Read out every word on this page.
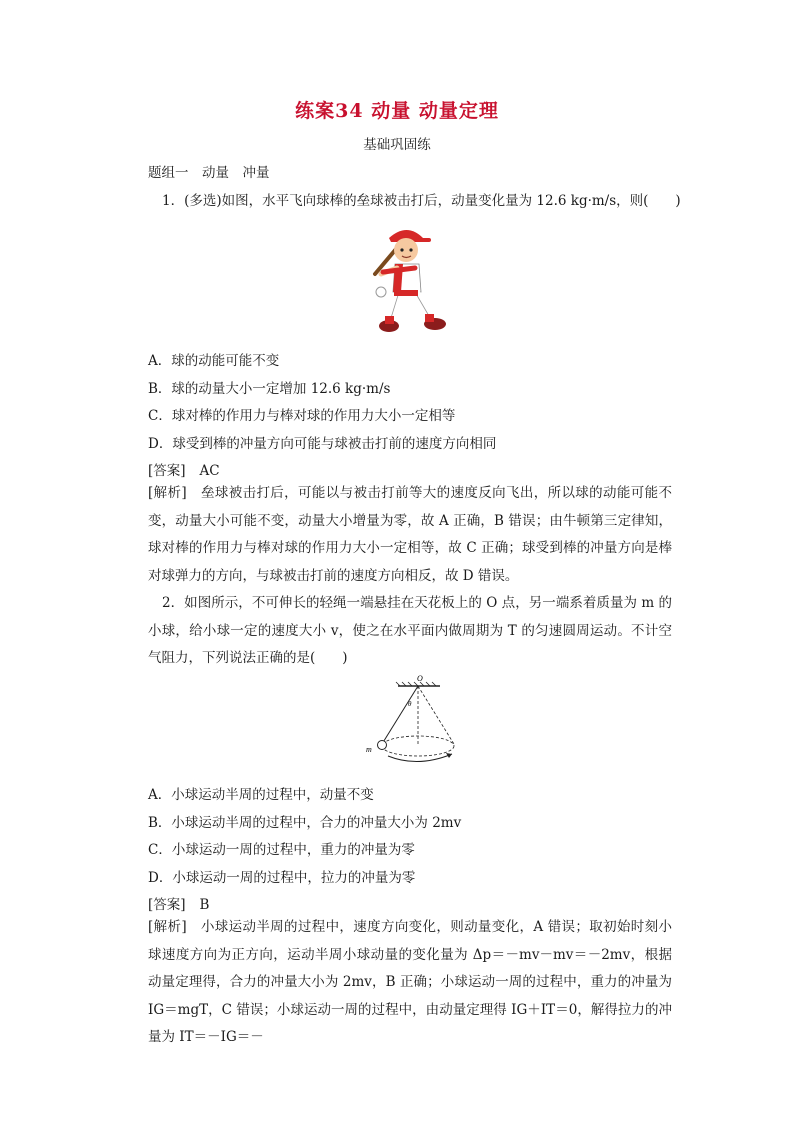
练案34 动量 动量定理
基础巩固练
题组一　动量　冲量
1．(多选)如图，水平飞向球棒的垒球被击打后，动量变化量为 12.6 kg·m/s，则(　　)
A．球的动能可能不变
B．球的动量大小一定增加 12.6 kg·m/s
C．球对棒的作用力与棒对球的作用力大小一定相等
D．球受到棒的冲量方向可能与球被击打前的速度方向相同
[答案] AC
[解析] 垒球被击打后，可能以与被击打前等大的速度反向飞出，所以球的动能可能不变，动量大小可能不变，动量大小增量为零，故 A 正确，B 错误；由牛顿第三定律知，球对棒的作用力与棒对球的作用力大小一定相等，故 C 正确；球受到棒的冲量方向是棒对球弹力的方向，与球被击打前的速度方向相反，故 D 错误。
2．如图所示，不可伸长的轻绳一端悬挂在天花板上的 O 点，另一端系着质量为 m 的小球，给小球一定的速度大小 v，使之在水平面内做周期为 T 的匀速圆周运动。不计空气阻力，下列说法正确的是(　　)
O
θ
m
A．小球运动半周的过程中，动量不变
B．小球运动半周的过程中，合力的冲量大小为 2mv
C．小球运动一周的过程中，重力的冲量为零
D．小球运动一周的过程中，拉力的冲量为零
[答案] B
[解析] 小球运动半周的过程中，速度方向变化，则动量变化，A 错误；取初始时刻小球速度方向为正方向，运动半周小球动量的变化量为 Δp＝－mv－mv＝－2mv，根据动量定理得，合力的冲量大小为 2mv，B 正确；小球运动一周的过程中，重力的冲量为 IG＝mgT，C 错误；小球运动一周的过程中，由动量定理得 IG＋IT＝0，解得拉力的冲量为 IT＝－IG＝－
